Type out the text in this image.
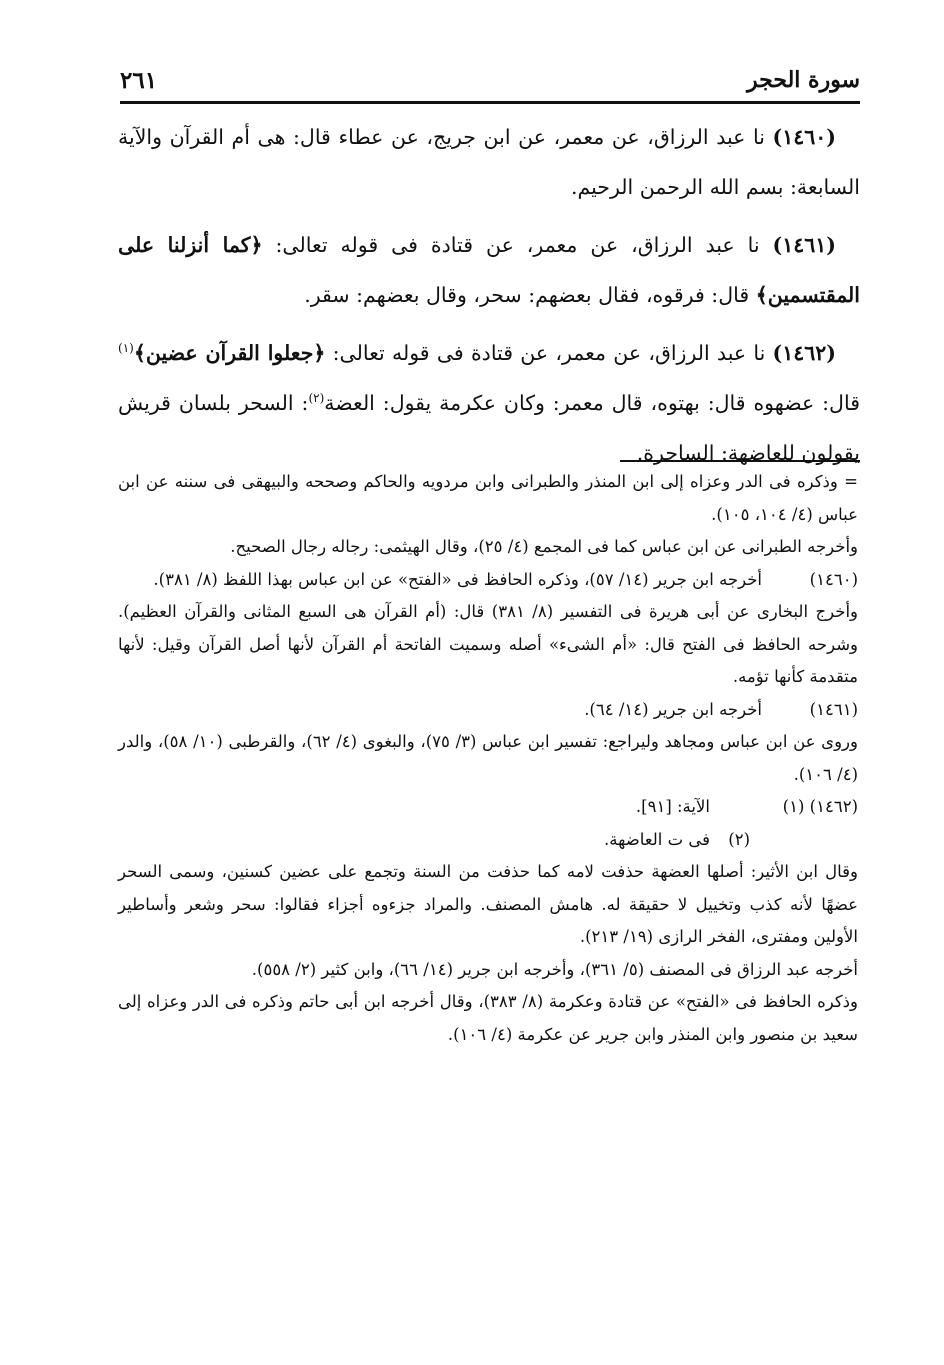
سورة الحجر
٢٦١

(١٤٦٠) نا عبد الرزاق، عن معمر، عن ابن جريج، عن عطاء قال: هى أم القرآن والآية السابعة: بسم الله الرحمن الرحيم.

(١٤٦١) نا عبد الرزاق، عن معمر، عن قتادة فى قوله تعالى: ﴿كما أنزلنا على المقتسمين﴾ قال: فرقوه، فقال بعضهم: سحر، وقال بعضهم: سقر.

(١٤٦٢) نا عبد الرزاق، عن معمر، عن قتادة فى قوله تعالى: ﴿جعلوا القرآن عضين﴾$^{(١)}$ قال: عضهوه قال: بهتوه، قال معمر: وكان عكرمة يقول: العضة$^{(٢)}$: السحر بلسان قريش يقولون للعاضهة: الساحرة.

= وذكره فى الدر وعزاه إلى ابن المنذر والطبرانى وابن مردويه والحاكم وصححه والبيهقى فى سننه عن ابن عباس (٤/ ١٠٤، ١٠٥).
وأخرجه الطبرانى عن ابن عباس كما فى المجمع (٤/ ٢٥)، وقال الهيثمى: رجاله رجال الصحيح.
(١٤٦٠)
أخرجه ابن جرير (١٤/ ٥٧)، وذكره الحافظ فى «الفتح» عن ابن عباس بهذا اللفظ (٨/ ٣٨١).
وأخرج البخارى عن أبى هريرة فى التفسير (٨/ ٣٨١) قال: (أم القرآن هى السبع المثانى والقرآن العظيم). وشرحه الحافظ فى الفتح قال: «أم الشىء» أصله وسميت الفاتحة أم القرآن لأنها أصل القرآن وقيل: لأنها متقدمة كأنها تؤمه.
(١٤٦١)
أخرجه ابن جرير (١٤/ ٦٤).
وروى عن ابن عباس ومجاهد وليراجع: تفسير ابن عباس (٣/ ٧٥)، والبغوى (٤/ ٦٢)، والقرطبى (١٠/ ٥٨)، والدر (٤/ ١٠٦).
(١٤٦٢) (١)
الآية: [٩١].
(٢)
فى ت العاضهة.
وقال ابن الأثير: أصلها العضهة حذفت لامه كما حذفت من السنة وتجمع على عضين كسنين، وسمى السحر عضهًا لأنه كذب وتخييل لا حقيقة له. هامش المصنف. والمراد جزءوه أجزاء فقالوا: سحر وشعر وأساطير الأولين ومفترى، الفخر الرازى (١٩/ ٢١٣).
أخرجه عبد الرزاق فى المصنف (٥/ ٣٦١)، وأخرجه ابن جرير (١٤/ ٦٦)، وابن كثير (٢/ ٥٥٨).
وذكره الحافظ فى «الفتح» عن قتادة وعكرمة (٨/ ٣٨٣)، وقال أخرجه ابن أبى حاتم وذكره فى الدر وعزاه إلى سعيد بن منصور وابن المنذر وابن جرير عن عكرمة (٤/ ١٠٦).
